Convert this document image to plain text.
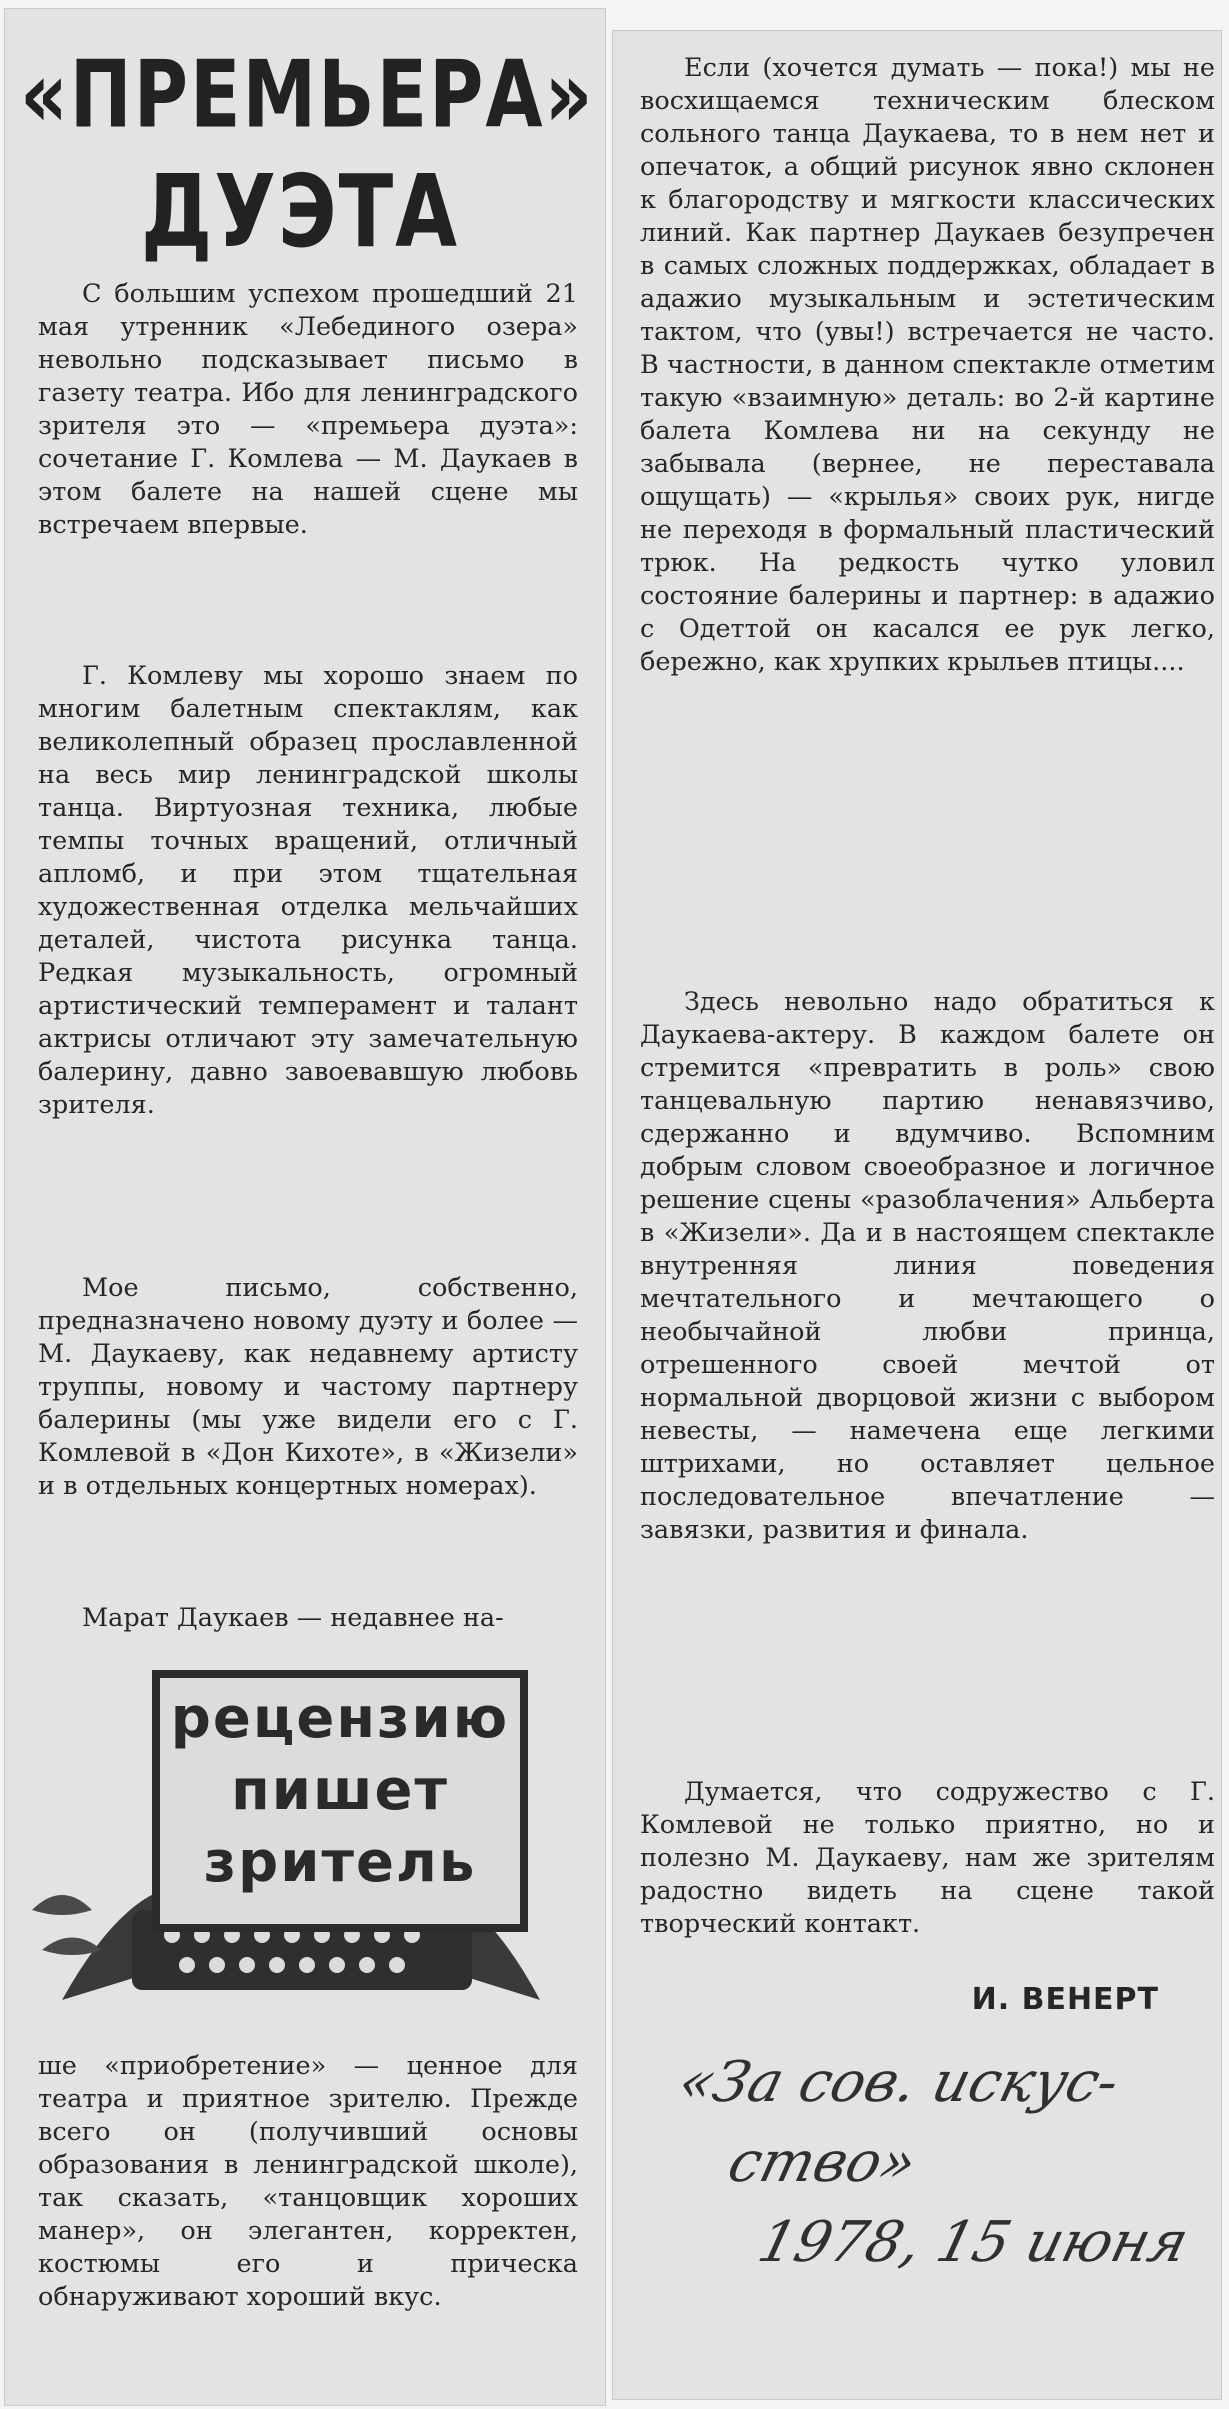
«ПРЕМЬЕРА»
ДУЭТА

С большим успехом прошедший 21 мая утренник «Лебединого озера» невольно подсказывает письмо в газету театра. Ибо для ленинградского зрителя это — «премьера дуэта»: сочетание Г. Комлева — М. Даукаев в этом балете на нашей сцене мы встречаем впервые.

Г. Комлеву мы хорошо знаем по многим балетным спектаклям, как великолепный образец прославленной на весь мир ленинградской школы танца. Виртуозная техника, любые темпы точных вращений, отличный апломб, и при этом тщательная художественная отделка мельчайших деталей, чистота рисунка танца. Редкая музыкальность, огромный артистический темперамент и талант актрисы отличают эту замечательную балерину, давно завоевавшую любовь зрителя.

Мое письмо, собственно, предназначено новому дуэту и более — М. Даукаеву, как недавнему артисту труппы, новому и частому партнеру балерины (мы уже видели его с Г. Комлевой в «Дон Кихоте», в «Жизели» и в отдельных концертных номерах).

Марат Даукаев — недавнее на-

рецензию
пишет
зритель

ше «приобретение» — ценное для театра и приятное зрителю. Прежде всего он (получивший основы образования в ленинградской школе), так сказать, «танцовщик хороших манер», он элегантен, корректен, костюмы его и прическа обнаруживают хороший вкус.

Если (хочется думать — пока!) мы не восхищаемся техническим блеском сольного танца Даукаева, то в нем нет и опечаток, а общий рисунок явно склонен к благородству и мягкости классических линий. Как партнер Даукаев безупречен в самых сложных поддержках, обладает в адажио музыкальным и эстетическим тактом, что (увы!) встречается не часто. В частности, в данном спектакле отметим такую «взаимную» деталь: во 2-й картине балета Комлева ни на секунду не забывала (вернее, не переставала ощущать) — «крылья» своих рук, нигде не переходя в формальный пластический трюк. На редкость чутко уловил состояние балерины и партнер: в адажио с Одеттой он касался ее рук легко, бережно, как хрупких крыльев птицы....

Здесь невольно надо обратиться к Даукаева-актеру. В каждом балете он стремится «превратить в роль» свою танцевальную партию ненавязчиво, сдержанно и вдумчиво. Вспомним добрым словом своеобразное и логичное решение сцены «разоблачения» Альберта в «Жизели». Да и в настоящем спектакле внутренняя линия поведения мечтательного и мечтающего о необычайной любви принца, отрешенного своей мечтой от нормальной дворцовой жизни с выбором невесты, — намечена еще легкими штрихами, но оставляет цельное последовательное впечатление — завязки, развития и финала.

Думается, что содружество с Г. Комлевой не только приятно, но и полезно М. Даукаеву, нам же зрителям радостно видеть на сцене такой творческий контакт.

И. ВЕНЕРТ
«За сов. искус-
ство»
1978, 15 июня
